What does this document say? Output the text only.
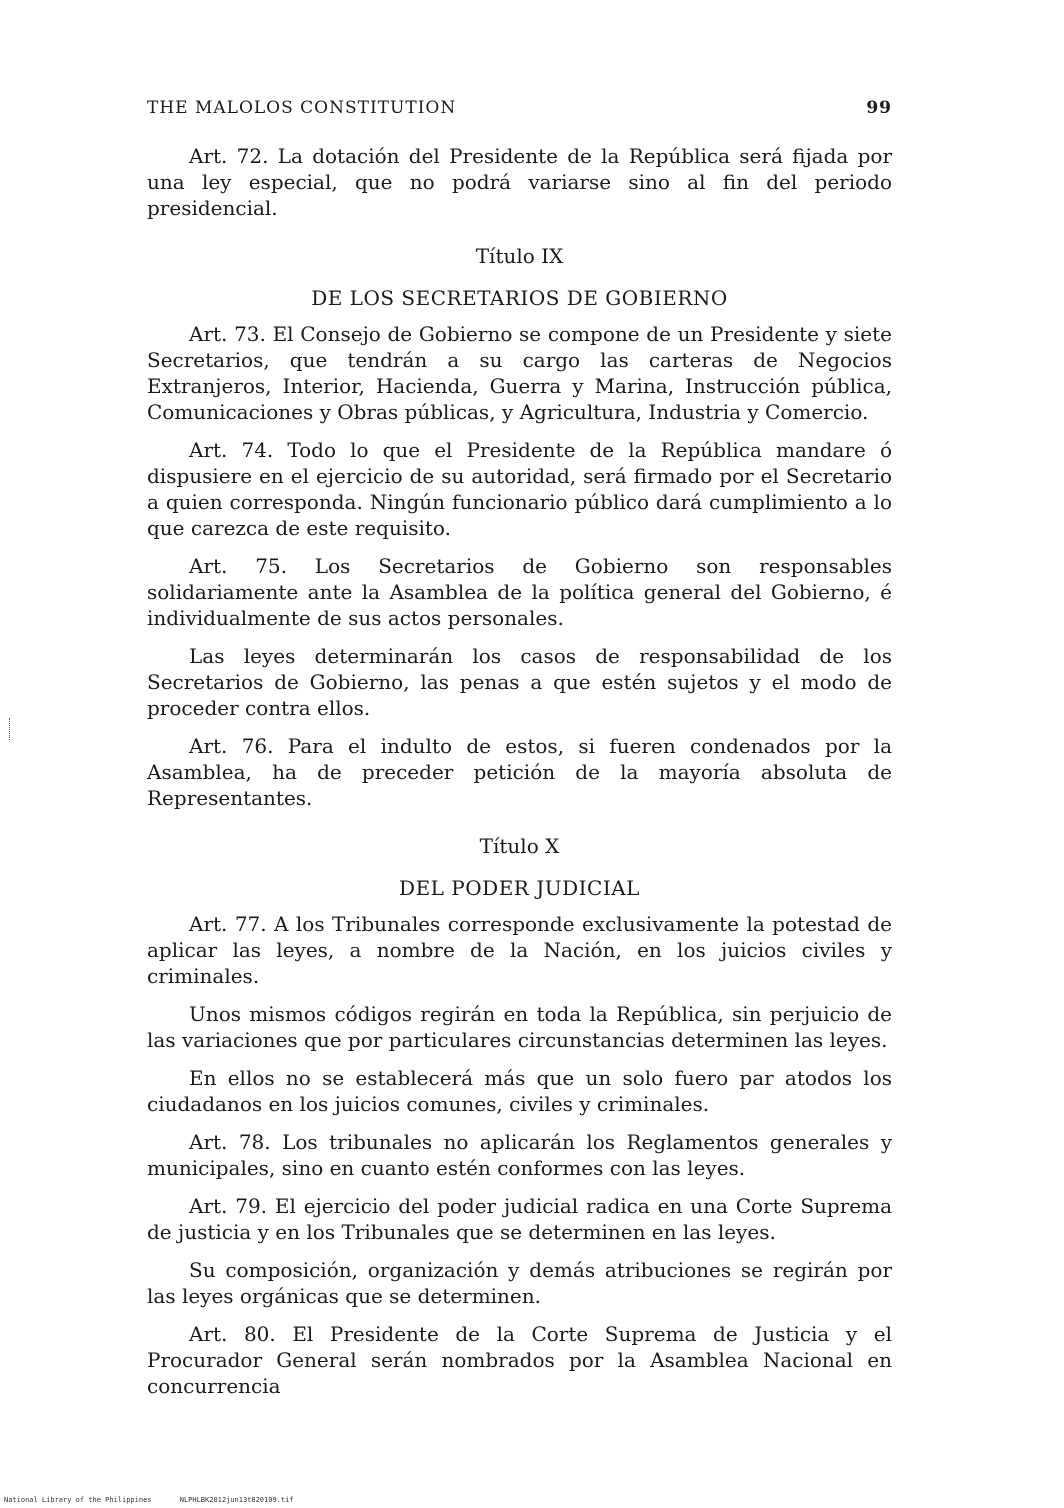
THE MALOLOS CONSTITUTION	99

Art. 72. La dotación del Presidente de la República será fijada por una ley especial, que no podrá variarse sino al fin del periodo presidencial.

Título IX
DE LOS SECRETARIOS DE GOBIERNO

Art. 73. El Consejo de Gobierno se compone de un Presidente y siete Secretarios, que tendrán a su cargo las carteras de Negocios Extranjeros, Interior, Hacienda, Guerra y Marina, Instrucción pública, Comunicaciones y Obras públicas, y Agricultura, Industria y Comercio.

Art. 74. Todo lo que el Presidente de la República mandare ó dispusiere en el ejercicio de su autoridad, será firmado por el Secretario a quien corresponda. Ningún funcionario público dará cumplimiento a lo que carezca de este requisito.

Art. 75. Los Secretarios de Gobierno son responsables solidariamente ante la Asamblea de la política general del Gobierno, é individualmente de sus actos personales.

Las leyes determinarán los casos de responsabilidad de los Secretarios de Gobierno, las penas a que estén sujetos y el modo de proceder contra ellos.

Art. 76. Para el indulto de estos, si fueren condenados por la Asamblea, ha de preceder petición de la mayoría absoluta de Representantes.

Título X
DEL PODER JUDICIAL

Art. 77. A los Tribunales corresponde exclusivamente la potestad de aplicar las leyes, a nombre de la Nación, en los juicios civiles y criminales.

Unos mismos códigos regirán en toda la República, sin perjuicio de las variaciones que por particulares circunstancias determinen las leyes.

En ellos no se establecerá más que un solo fuero par atodos los ciudadanos en los juicios comunes, civiles y criminales.

Art. 78. Los tribunales no aplicarán los Reglamentos generales y municipales, sino en cuanto estén conformes con las leyes.

Art. 79. El ejercicio del poder judicial radica en una Corte Suprema de justicia y en los Tribunales que se determinen en las leyes.

Su composición, organización y demás atribuciones se regirán por las leyes orgánicas que se determinen.

Art. 80. El Presidente de la Corte Suprema de Justicia y el Procurador General serán nombrados por la Asamblea Nacional en concurrencia

National Library of the Philippines	NLPHLBK2012jun13t820109.tif
